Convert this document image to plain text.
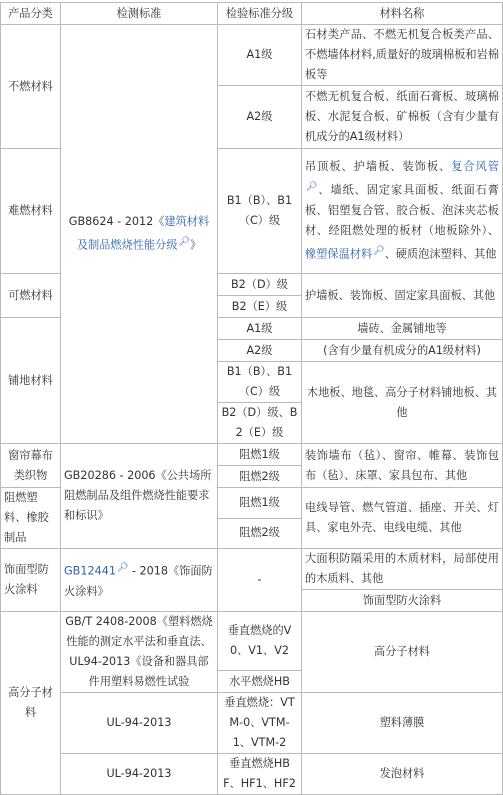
产品分类	检测标准	检验标准分级	材料名称
不燃材料	GB8624 - 2012《建筑材料及制品燃烧性能分级🔎︎》	A1级	石材类产品、不燃无机复合板类产品、不燃墙体材料,质量好的玻璃棉板和岩棉板等
		A2级	不燃无机复合板、纸面石膏板、玻璃棉板、水泥复合板、矿棉板（含有少量有机成分的A1级材料）
难燃材料		B1（B）、B1（C）级	吊顶板、护墙板、装饰板、复合风管🔎︎、墙纸、固定家具面板、纸面石膏板、铝塑复合管、胶合板、泡沫夹芯板材、经阻燃处理的板材（地板除外）、橡塑保温材料🔎︎、硬质泡沫塑料、其他
可燃材料		B2（D）级	护墙板、装饰板、固定家具面板、其他
		B2（E）级	
铺地材料		A1级	墙砖、金属铺地等
		A2级	(含有少量有机成分的A1级材料)
		B1（B）、B1（C）级	木地板、地毯、高分子材料铺地板、其他
		B2（D）级、B2（E）级	
窗帘幕布类织物	GB20286 - 2006《公共场所阻燃制品及组件燃烧性能要求和标识》	阻燃1级	装饰墙布（毡）、窗帘、帷幕、装饰包布（毡）、床罩、家具包布、其他
		阻燃2级	
阻燃塑料、橡胶制品		阻燃1级	电线导管、燃气管道、插座、开关、灯具、家电外壳、电线电缆、其他
		阻燃2级	
饰面型防火涂料	GB12441🔎︎ - 2018《饰面防火涂料》	-	大面积防隔采用的木质材料，局部使用的木质料、其他
			饰面型防火涂料
高分子材料	GB/T 2408-2008《塑料燃烧性能的测定水平法和垂直法、UL94-2013《设备和器具部件用塑料易燃性试验	垂直燃烧的V0、V1、V2	高分子材料
		水平燃烧HB	
	UL-94-2013	垂直燃烧：VTM-0、VTM-1、VTM-2	塑料薄膜
	UL-94-2013	垂直燃烧HBF、HF1、HF2	发泡材料
